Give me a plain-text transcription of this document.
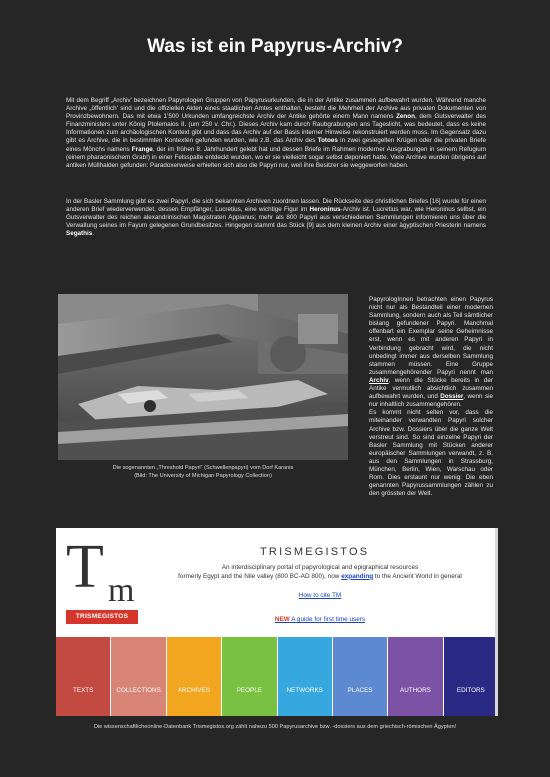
Was ist ein Papyrus-Archiv?
Mit dem Begriff „Archiv’ bezeichnen Papyrologen Gruppen von Papyrusurkunden, die in der Antike zusammen aufbewahrt wurden. Während manche Archive „öffentlich’ sind und die offiziellen Akten eines staatlichen Amtes enthalten, besteht die Mehrheit der Archive aus privaten Dokumenten von Provinzbewohnern. Das mit etwa 1’500 Urkunden umfangreichste Archiv der Antike gehörte einem Mann namens Zenon, dem Gutsverwalter des Finanzministers unter König Ptolemaios II. (um 250 v. Chr.). Dieses Archiv kam durch Raubgrabungen ans Tageslicht, was bedeutet, dass es keine Informationen zum archäologischen Kontext gibt und dass das Archiv auf der Basis interner Hinweise rekonstruiert werden muss. Im Gegensatz dazu gibt es Archive, die in bestimmten Kontexten gefunden wurden, wie z.B. das Archiv des Totoes in zwei gesiegelten Krügen oder die privaten Briefe eines Mönchs namens Frange, der im frühen 8. Jahrhundert gelebt hat und dessen Briefe im Rahmen moderner Ausgrabungen in seinem Refugium (einem pharaonischem Grab!) in einer Felsspalte entdeckt wurden, wo er sie vielleicht sogar selbst deponiert hatte. Viele Archive wurden übrigens auf antiken Müllhalden gefunden: Paradoxerweise erhielten sich also die Papyri nur, weil ihre Besitzer sie weggeworfen haben.
In der Basler Sammlung gibt es zwei Papyri, die sich bekannten Archiven zuordnen lassen. Die Rückseite des christlichen Briefes [16] wurde für einen anderen Brief wiederverwendet, dessen Empfänger, Lucretius, eine wichtige Figur im Heroninus-Archiv ist. Lucretius war, wie Heroninus selbst, ein Gutsverwalter des reichen alexandrinischen Magistraten Appianus; mehr als 800 Papyri aus verschiedenen Sammlungen informieren uns über die Verwaltung seines im Fayum gelegenen Grundbesitzes. Hingegen stammt das Stück [9] aus dem kleinen Archiv einer ägyptischen Priesterin namens Segathis.
Die sogenannten „Threshold Papyri“ (Schwellenpapyri) vom Dorf Karanis
(Bild: The University of Michigan Papyrology Collection)
PapyrologInnen betrachten einen Papyrus nicht nur als Bestandteil einer modernen Sammlung, sondern auch als Teil sämtlicher bislang gefundener Papyri. Manchmal offenbart ein Exemplar seine Geheimnisse erst, wenn es mit anderen Papyri in Verbindung gebracht wird, die nicht unbedingt immer aus derselben Sammlung stammen müssen. Eine Gruppe zusammengehörender Papyri nennt man Archiv, wenn die Stücke bereits in der Antike vermutlich absichtlich zusammen aufbewahrt wurden, und Dossier, wenn sie nur inhaltlich zusammengehören.
Es kommt nicht selten vor, dass die miteinander verwandten Papyri solcher Archive bzw. Dossiers über die ganze Welt verstreut sind. So sind einzelne Papyri der Basler Sammlung mit Stücken anderer europäischer Sammlungen verwandt, z. B. aus den Sammlungen in Strassburg, München, Berlin, Wien, Warschau oder Rom. Dies erstaunt nur wenig: Die eben genannten Papyrussammlungen zählen zu den grössten der Welt.
T m
TRISMEGISTOS
TRISMEGISTOS
An interdisciplinary portal of papyrological and epigraphical resources
formerly Egypt and the Nile valley (800 BC-AD 800), now expanding to the Ancient World in general
How to cite TM
NEW A guide for first time users
TEXTS	COLLECTIONS	ARCHIVES	PEOPLE	NETWORKS	PLACES	AUTHORS	EDITORS
Die wissenschaftlicheonline-Datenbank Trismegistos.org zählt nahezu 500 Papyrusarchive bzw. -dossiers aus dem griechisch-römischen Ägypten!
